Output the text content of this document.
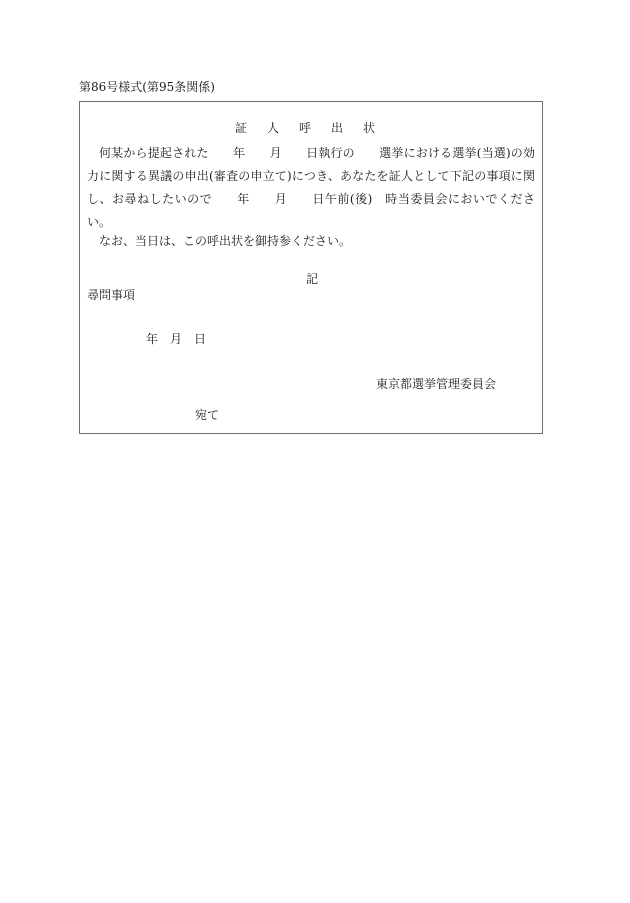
第86号様式(第95条関係)
証人呼出状

何某から提起された　　年　　月　　日執行の　　選挙における選挙(当選)の効力に関する異議の申出(審査の申立て)につき、あなたを証人として下記の事項に関し、お尋ねしたいので　　年　　月　　日午前(後)　時当委員会においでください。

なお、当日は、この呼出状を御持参ください。
記
尋問事項
年　月　日
東京都選挙管理委員会
宛て
